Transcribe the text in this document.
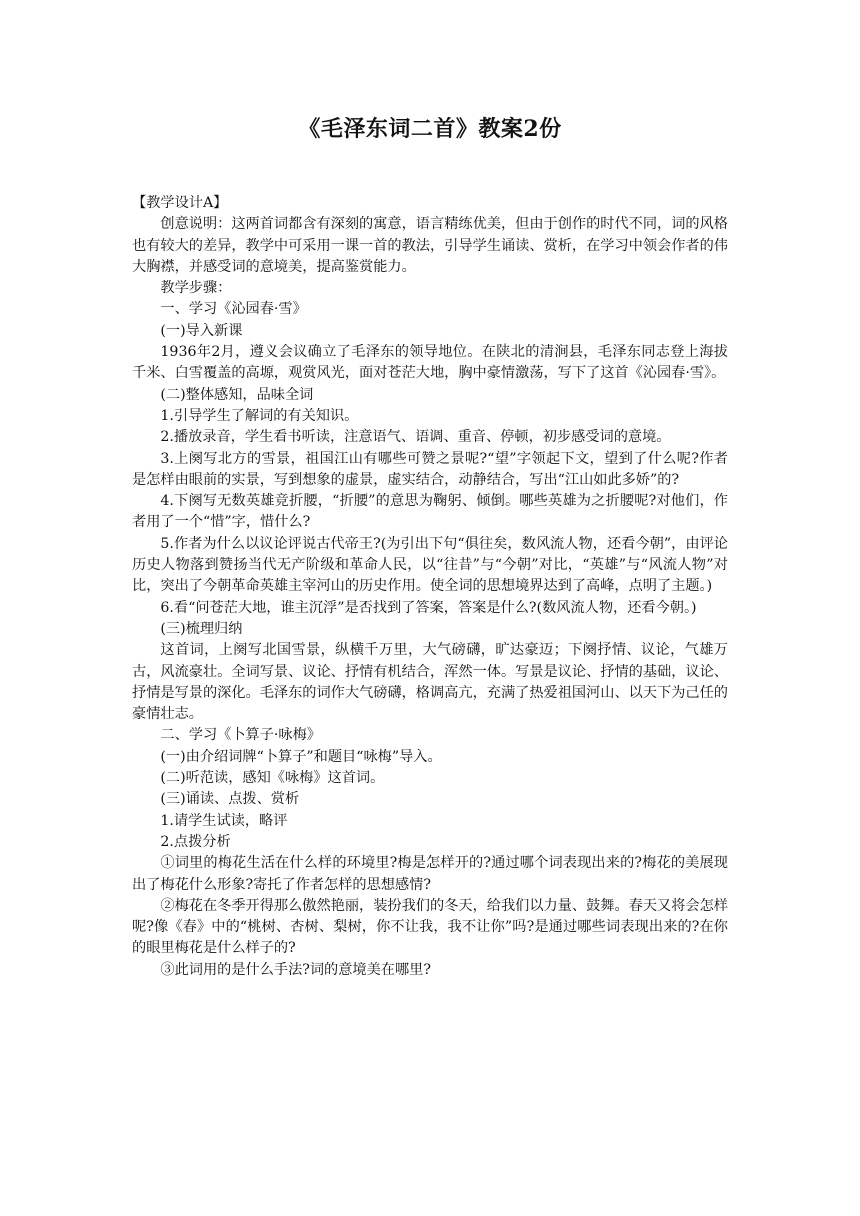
《毛泽东词二首》教案2份

【教学设计A】

创意说明：这两首词都含有深刻的寓意，语言精练优美，但由于创作的时代不同，词的风格也有较大的差异，教学中可采用一课一首的教法，引导学生诵读、赏析，在学习中领会作者的伟大胸襟，并感受词的意境美，提高鉴赏能力。

教学步骤：

一、学习《沁园春·雪》

(一)导入新课

1936年2月，遵义会议确立了毛泽东的领导地位。在陕北的清涧县，毛泽东同志登上海拔千米、白雪覆盖的高塬，观赏风光，面对苍茫大地，胸中豪情激荡，写下了这首《沁园春·雪》。

(二)整体感知，品味全词

1.引导学生了解词的有关知识。

2.播放录音，学生看书听读，注意语气、语调、重音、停顿，初步感受词的意境。

3.上阕写北方的雪景，祖国江山有哪些可赞之景呢?“望”字领起下文，望到了什么呢?作者是怎样由眼前的实景，写到想象的虚景，虚实结合，动静结合，写出“江山如此多娇”的?

4.下阕写无数英雄竞折腰，“折腰”的意思为鞠躬、倾倒。哪些英雄为之折腰呢?对他们，作者用了一个“惜”字，惜什么?

5.作者为什么以议论评说古代帝王?(为引出下句“俱往矣，数风流人物，还看今朝”，由评论历史人物落到赞扬当代无产阶级和革命人民，以“往昔”与“今朝”对比，“英雄”与“风流人物”对比，突出了今朝革命英雄主宰河山的历史作用。使全词的思想境界达到了高峰，点明了主题。)

6.看“问苍茫大地，谁主沉浮”是否找到了答案，答案是什么?(数风流人物，还看今朝。)

(三)梳理归纳

这首词，上阕写北国雪景，纵横千万里，大气磅礴，旷达豪迈；下阕抒情、议论，气雄万古，风流豪壮。全词写景、议论、抒情有机结合，浑然一体。写景是议论、抒情的基础，议论、抒情是写景的深化。毛泽东的词作大气磅礴，格调高亢，充满了热爱祖国河山、以天下为己任的豪情壮志。

二、学习《卜算子·咏梅》

(一)由介绍词牌“卜算子”和题目“咏梅”导入。

(二)听范读，感知《咏梅》这首词。

(三)诵读、点拨、赏析

1.请学生试读，略评

2.点拨分析

①词里的梅花生活在什么样的环境里?梅是怎样开的?通过哪个词表现出来的?梅花的美展现出了梅花什么形象?寄托了作者怎样的思想感情?

②梅花在冬季开得那么傲然艳丽，装扮我们的冬天，给我们以力量、鼓舞。春天又将会怎样呢?像《春》中的“桃树、杏树、梨树，你不让我，我不让你”吗?是通过哪些词表现出来的?在你的眼里梅花是什么样子的?

③此词用的是什么手法?词的意境美在哪里?
